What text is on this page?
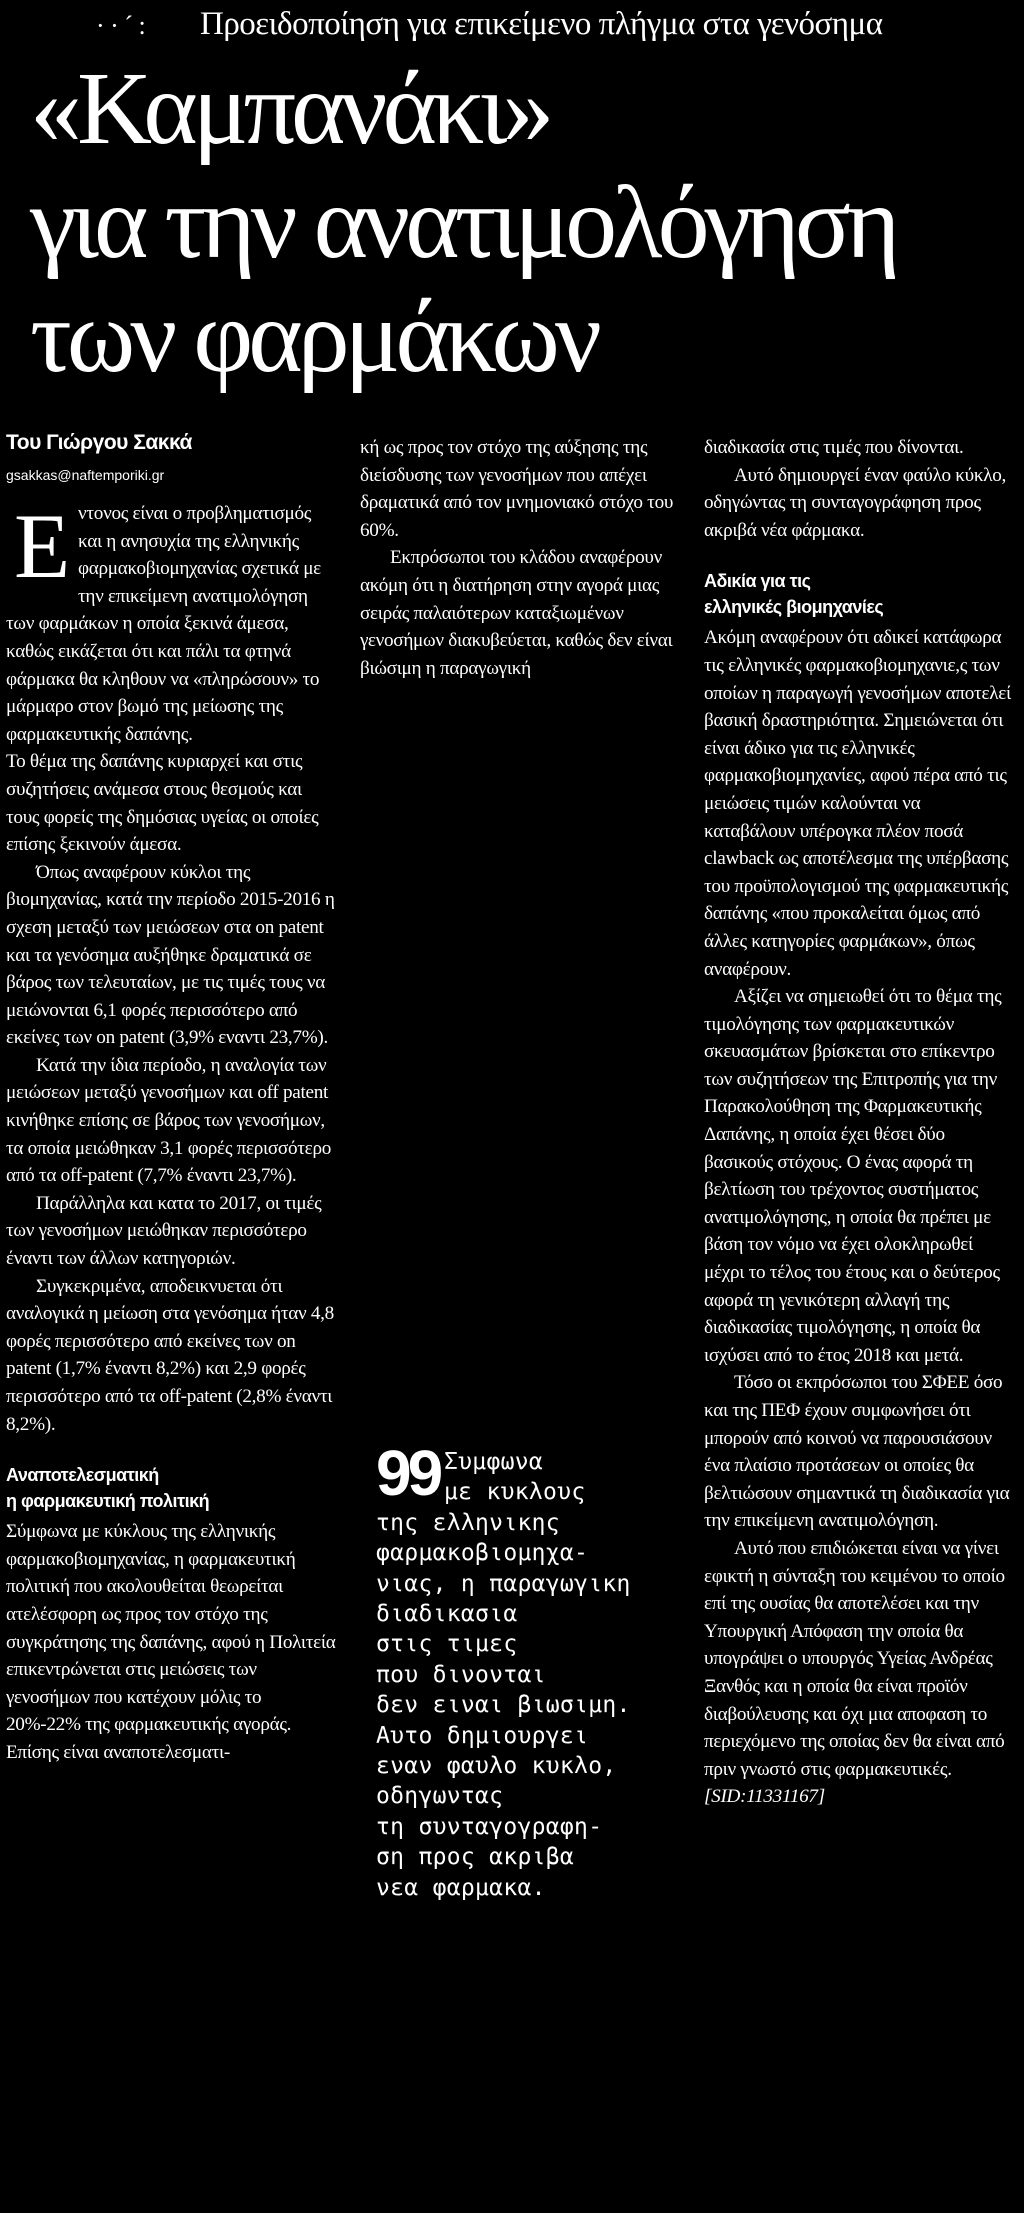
· · ´ : Προειδοποίηση για επικείμενο πλήγμα στα γενόσημα
«Καμπανάκι»
για την ανατιμολόγηση
των φαρμάκων
Του Γιώργου Σακκά
gsakkas@naftemporiki.gr

Εντονος είναι ο προβληματισμός και η ανησυχία της ελληνικής φαρμακοβιομηχανίας σχετικά με την επικείμενη ανατιμολόγηση των φαρμάκων η οποία ξεκινά άμεσα, καθώς εικάζεται ότι και πάλι τα φτηνά φάρμακα θα κληθουν να «πληρώσουν» το μάρμαρο στον βωμό της μείωσης της φαρμακευτικής δαπάνης.

Το θέμα της δαπάνης κυριαρχεί και στις συζητήσεις ανάμεσα στους θεσμούς και τους φορείς της δημόσιας υγείας οι οποίες επίσης ξεκινούν άμεσα.

Όπως αναφέρουν κύκλοι της βιομηχανίας, κατά την περίοδο 2015-2016 η σχεση μεταξύ των μειώσεων στα on patent και τα γενόσημα αυξήθηκε δραματικά σε βάρος των τελευταίων, με τις τιμές τους να μειώνονται 6,1 φορές περισσότερο από εκείνες των on patent (3,9% εναντι 23,7%).

Κατά την ίδια περίοδο, η αναλογία των μειώσεων μεταξύ γενοσήμων και off patent κινήθηκε επίσης σε βάρος των γενοσήμων, τα οποία μειώθηκαν 3,1 φορές περισσότερο από τα off-patent (7,7% έναντι 23,7%).

Παράλληλα και κατα το 2017, οι τιμές των γενοσήμων μειώθηκαν περισσότερο έναντι των άλλων κατηγοριών.

Συγκεκριμένα, αποδεικνυεται ότι αναλογικά η μείωση στα γενόσημα ήταν 4,8 φορές περισσότερο από εκείνες των on patent (1,7% έναντι 8,2%) και 2,9 φορές περισσότερο από τα off-patent (2,8% έναντι 8,2%).

Αναποτελεσματική
η φαρμακευτική πολιτική

Σύμφωνα με κύκλους της ελληνικής φαρμακοβιομηχανίας, η φαρμακευτική πολιτική που ακολουθείται θεωρείται ατελέσφορη ως προς τον στόχο της συγκράτησης της δαπάνης, αφού η Πολιτεία επικεντρώνεται στις μειώσεις των γενοσήμων που κατέχουν μόλις το 20%-22% της φαρμακευτικής αγοράς.

Επίσης είναι αναποτελεσματι-

κή ως προς τον στόχο της αύξησης της διείσδυσης των γενοσήμων που απέχει δραματικά από τον μνημονιακό στόχο του 60%.

Εκπρόσωποι του κλάδου αναφέρουν ακόμη ότι η διατήρηση στην αγορά μιας σειράς παλαιότερων καταξιωμένων γενοσήμων διακυβεύεται, καθώς δεν είναι βιώσιμη η παραγωγική

99 Συμφωνα
με κυκλους
της ελληνικης
φαρμακοβιομηχα-
νιας, η παραγωγικη
διαδικασια
στις τιμες
που δινονται
δεν ειναι βιωσιμη.
Αυτο δημιουργει
εναν φαυλο κυκλο,
οδηγωντας
τη συνταγογραφη-
ση προς ακριβα
νεα φαρμακα.

διαδικασία στις τιμές που δίνονται.

Αυτό δημιουργεί έναν φαύλο κύκλο, οδηγώντας τη συνταγογράφηση προς ακριβά νέα φάρμακα.

Αδικία για τις
ελληνικές βιομηχανίες

Ακόμη αναφέρουν ότι αδικεί κατάφωρα τις ελληνικές φαρμακοβιομηχανιε,ς των οποίων η παραγωγή γενοσήμων αποτελεί βασική δραστηριότητα. Σημειώνεται ότι είναι άδικο για τις ελληνικές φαρμακοβιομηχανίες, αφού πέρα από τις μειώσεις τιμών καλούνται να καταβάλουν υπέρογκα πλέον ποσά clawback ως αποτέλεσμα της υπέρβασης του προϋπολογισμού της φαρμακευτικής δαπάνης «που προκαλείται όμως από άλλες κατηγορίες φαρμάκων», όπως αναφέρουν.

Αξίζει να σημειωθεί ότι το θέμα της τιμολόγησης των φαρμακευτικών σκευασμάτων βρίσκεται στο επίκεντρο των συζητήσεων της Επιτροπής για την Παρακολούθηση της Φαρμακευτικής Δαπάνης, η οποία έχει θέσει δύο βασικούς στόχους. Ο ένας αφορά τη βελτίωση του τρέχοντος συστήματος ανατιμολόγησης, η οποία θα πρέπει με βάση τον νόμο να έχει ολοκληρωθεί μέχρι το τέλος του έτους και ο δεύτερος αφορά τη γενικότερη αλλαγή της διαδικασίας τιμολόγησης, η οποία θα ισχύσει από το έτος 2018 και μετά.

Τόσο οι εκπρόσωποι του ΣΦΕΕ όσο και της ΠΕΦ έχουν συμφωνήσει ότι μπορούν από κοινού να παρουσιάσουν ένα πλαίσιο προτάσεων οι οποίες θα βελτιώσουν σημαντικά τη διαδικασία για την επικείμενη ανατιμολόγηση.

Αυτό που επιδιώκεται είναι να γίνει εφικτή η σύνταξη του κειμένου το οποίο επί της ουσίας θα αποτελέσει και την Υπουργική Απόφαση την οποία θα υπογράψει ο υπουργός Υγείας Ανδρέας Ξανθός και η οποία θα είναι προϊόν διαβούλευσης και όχι μια αποφαση το περιεχόμενο της οποίας δεν θα είναι από πριν γνωστό στις φαρμακευτικές. [SID:11331167]
